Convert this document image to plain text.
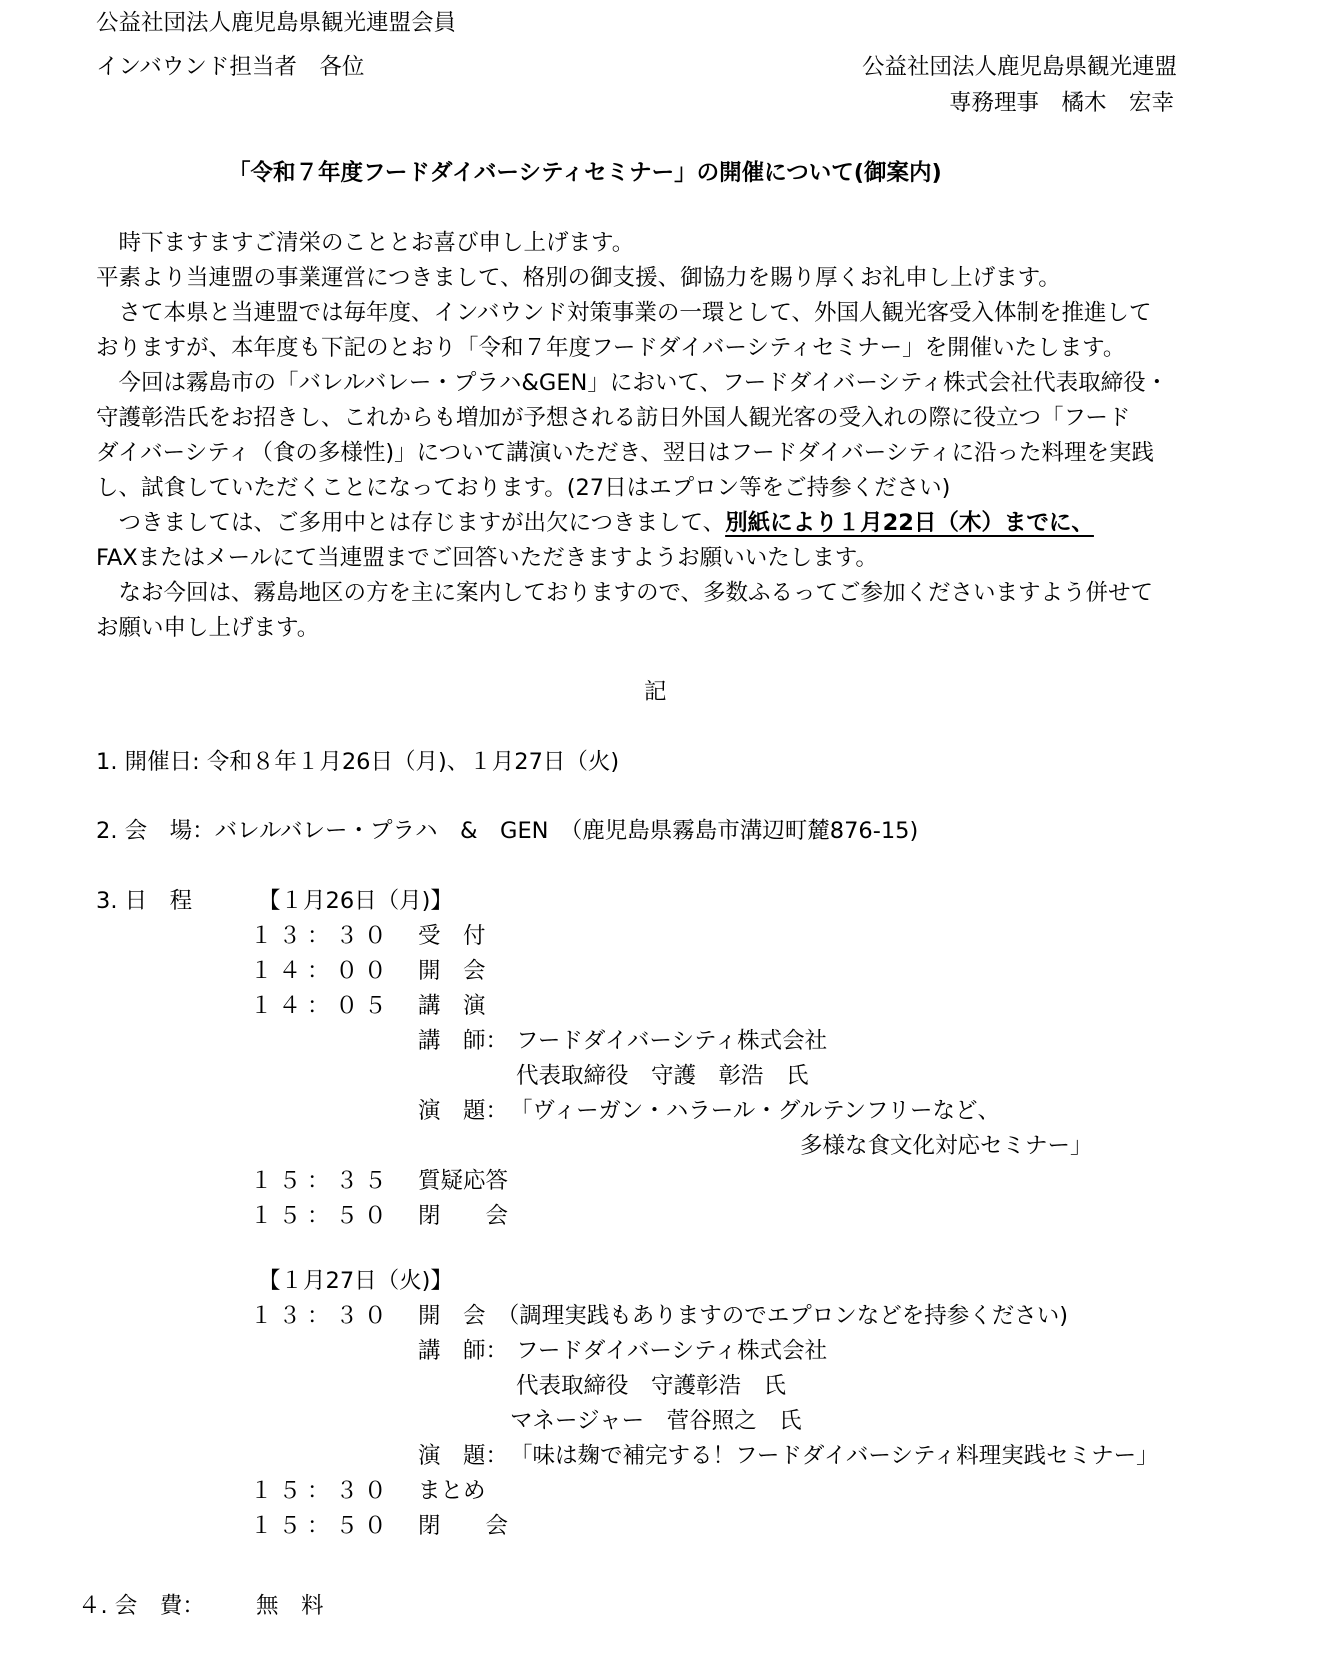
公益社団法人鹿児島県観光連盟会員
インバウンド担当者　各位	公益社団法人鹿児島県観光連盟
専務理事　橘木　宏幸
「令和７年度フードダイバーシティセミナー」の開催について(御案内)
　時下ますますご清栄のこととお喜び申し上げます。
平素より当連盟の事業運営につきまして、格別の御支援、御協力を賜り厚くお礼申し上げます。
　さて本県と当連盟では毎年度、インバウンド対策事業の一環として、外国人観光客受入体制を推進して
おりますが、本年度も下記のとおり「令和７年度フードダイバーシティセミナー」を開催いたします。
　今回は霧島市の「バレルバレー・プラハ&GEN」において、フードダイバーシティ株式会社代表取締役・
守護彰浩氏をお招きし、これからも増加が予想される訪日外国人観光客の受入れの際に役立つ「フード
ダイバーシティ（食の多様性)」について講演いただき、翌日はフードダイバーシティに沿った料理を実践
し、試食していただくことになっております。(27日はエプロン等をご持参ください)
　つきましては、ご多用中とは存じますが出欠につきまして、別紙により１月22日（木）までに、
FAXまたはメールにて当連盟までご回答いただきますようお願いいたします。
　なお今回は、霧島地区の方を主に案内しておりますので、多数ふるってご参加くださいますよう併せて
お願い申し上げます。
記
1. 開催日: 令和８年１月26日（月)、１月27日（火)
2. 会　場：バレルバレー・プラハ　&　GEN　（鹿児島県霧島市溝辺町麓876-15)
3. 日　程	【１月26日（月)】
１３：３０ 受　付
１４：００ 開　会
１４：０５ 講　演
講　師： フードダイバーシティ株式会社
代表取締役　守護　彰浩　氏
演　題： 「ヴィーガン・ハラール・グルテンフリーなど、
多様な食文化対応セミナー」
１５：３５ 質疑応答
１５：５０ 閉　　会
【１月27日（火)】
１３：３０ 開　会　（調理実践もありますのでエプロンなどを持参ください)
講　師： フードダイバーシティ株式会社
代表取締役　守護彰浩　氏
マネージャー　菅谷照之　氏
演　題： 「味は麹で補完する！フードダイバーシティ料理実践セミナー」
１５：３０ まとめ
１５：５０ 閉　　会
４. 会　費： 無　料
